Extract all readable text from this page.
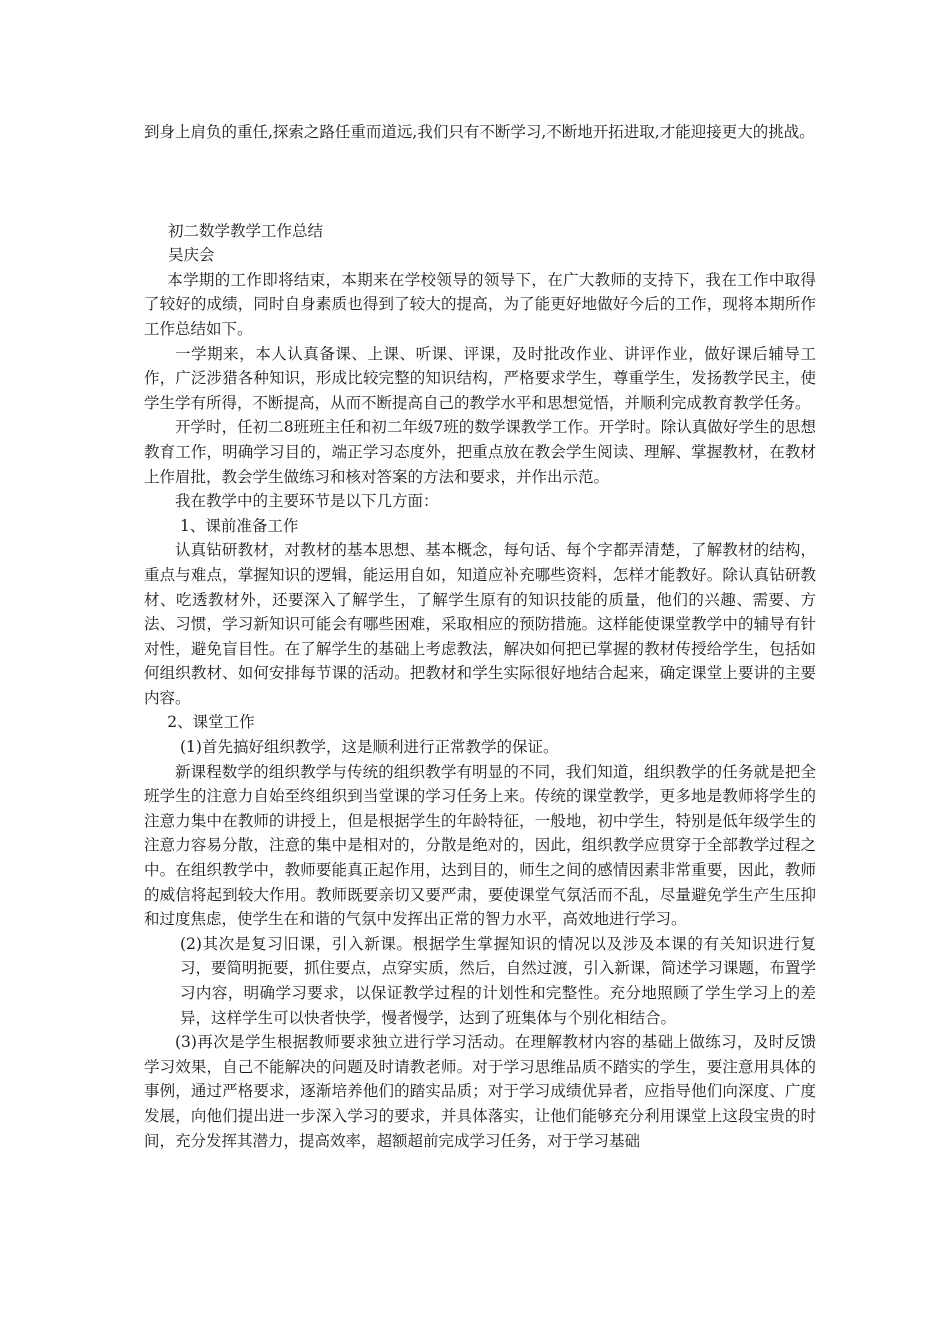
到身上肩负的重任,探索之路任重而道远,我们只有不断学习,不断地开拓进取,才能迎接更大的挑战。

初二数学教学工作总结

吴庆会

本学期的工作即将结束，本期来在学校领导的领导下，在广大教师的支持下，我在工作中取得了较好的成绩，同时自身素质也得到了较大的提高，为了能更好地做好今后的工作，现将本期所作工作总结如下。

一学期来，本人认真备课、上课、听课、评课，及时批改作业、讲评作业，做好课后辅导工作，广泛涉猎各种知识，形成比较完整的知识结构，严格要求学生，尊重学生，发扬教学民主，使学生学有所得，不断提高，从而不断提高自己的教学水平和思想觉悟，并顺利完成教育教学任务。

开学时，任初二8班班主任和初二年级7班的数学课教学工作。开学时。除认真做好学生的思想教育工作，明确学习目的，端正学习态度外，把重点放在教会学生阅读、理解、掌握教材，在教材上作眉批，教会学生做练习和核对答案的方法和要求，并作出示范。

我在教学中的主要环节是以下几方面：

1、课前准备工作

认真钻研教材，对教材的基本思想、基本概念，每句话、每个字都弄清楚，了解教材的结构，重点与难点，掌握知识的逻辑，能运用自如，知道应补充哪些资料，怎样才能教好。除认真钻研教材、吃透教材外，还要深入了解学生，了解学生原有的知识技能的质量，他们的兴趣、需要、方法、习惯，学习新知识可能会有哪些困难，采取相应的预防措施。这样能使课堂教学中的辅导有针对性，避免盲目性。在了解学生的基础上考虑教法，解决如何把已掌握的教材传授给学生，包括如何组织教材、如何安排每节课的活动。把教材和学生实际很好地结合起来，确定课堂上要讲的主要内容。

2、课堂工作

(1)首先搞好组织教学，这是顺利进行正常教学的保证。

新课程数学的组织教学与传统的组织教学有明显的不同，我们知道，组织教学的任务就是把全班学生的注意力自始至终组织到当堂课的学习任务上来。传统的课堂教学，更多地是教师将学生的注意力集中在教师的讲授上，但是根据学生的年龄特征，一般地，初中学生，特别是低年级学生的注意力容易分散，注意的集中是相对的，分散是绝对的，因此，组织教学应贯穿于全部教学过程之中。在组织教学中，教师要能真正起作用，达到目的，师生之间的感情因素非常重要，因此，教师的威信将起到较大作用。教师既要亲切又要严肃，要使课堂气氛活而不乱，尽量避免学生产生压抑和过度焦虑，使学生在和谐的气氛中发挥出正常的智力水平，高效地进行学习。

(2)其次是复习旧课，引入新课。根据学生掌握知识的情况以及涉及本课的有关知识进行复习，要简明扼要，抓住要点，点穿实质，然后，自然过渡，引入新课，简述学习课题，布置学习内容，明确学习要求，以保证教学过程的计划性和完整性。充分地照顾了学生学习上的差异，这样学生可以快者快学，慢者慢学，达到了班集体与个别化相结合。

(3)再次是学生根据教师要求独立进行学习活动。在理解教材内容的基础上做练习，及时反馈学习效果，自己不能解决的问题及时请教老师。对于学习思维品质不踏实的学生，要注意用具体的事例，通过严格要求，逐渐培养他们的踏实品质；对于学习成绩优异者，应指导他们向深度、广度发展，向他们提出进一步深入学习的要求，并具体落实，让他们能够充分利用课堂上这段宝贵的时间，充分发挥其潜力，提高效率，超额超前完成学习任务，对于学习基础
